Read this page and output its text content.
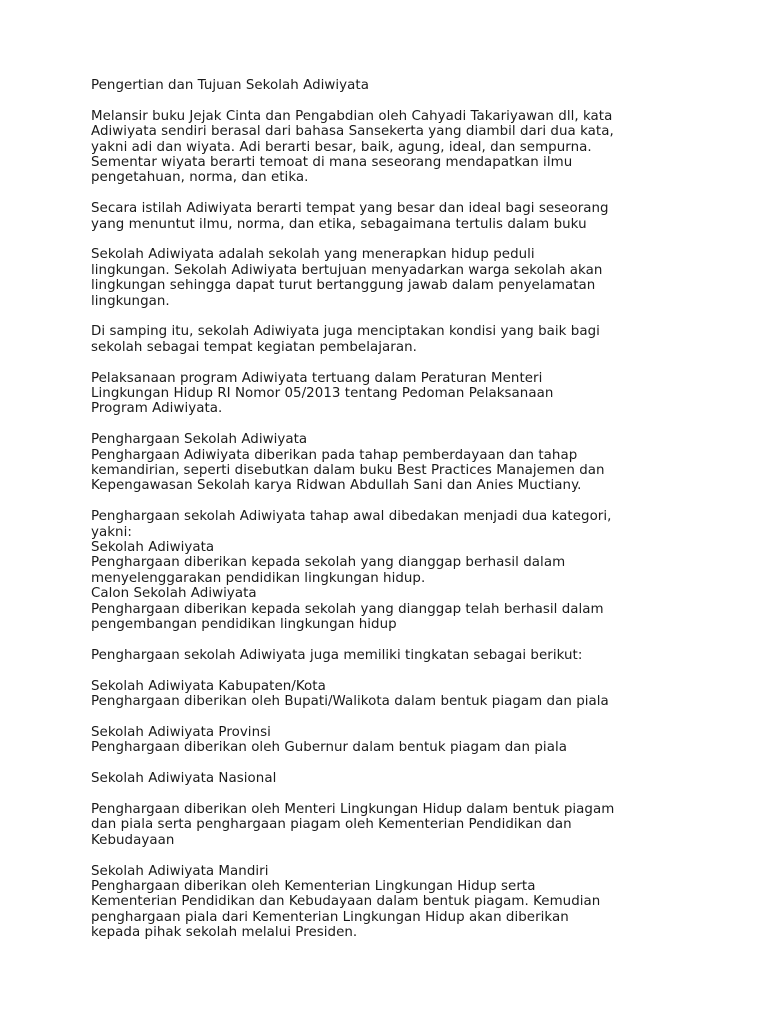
Pengertian dan Tujuan Sekolah Adiwiyata
Melansir buku Jejak Cinta dan Pengabdian oleh Cahyadi Takariyawan dll, kata
Adiwiyata sendiri berasal dari bahasa Sansekerta yang diambil dari dua kata,
yakni adi dan wiyata. Adi berarti besar, baik, agung, ideal, dan sempurna.
Sementar wiyata berarti temoat di mana seseorang mendapatkan ilmu
pengetahuan, norma, dan etika.
Secara istilah Adiwiyata berarti tempat yang besar dan ideal bagi seseorang
yang menuntut ilmu, norma, dan etika, sebagaimana tertulis dalam buku
Sekolah Adiwiyata adalah sekolah yang menerapkan hidup peduli
lingkungan. Sekolah Adiwiyata bertujuan menyadarkan warga sekolah akan
lingkungan sehingga dapat turut bertanggung jawab dalam penyelamatan
lingkungan.
Di samping itu, sekolah Adiwiyata juga menciptakan kondisi yang baik bagi
sekolah sebagai tempat kegiatan pembelajaran.
Pelaksanaan program Adiwiyata tertuang dalam Peraturan Menteri
Lingkungan Hidup RI Nomor 05/2013 tentang Pedoman Pelaksanaan
Program Adiwiyata.
Penghargaan Sekolah Adiwiyata
Penghargaan Adiwiyata diberikan pada tahap pemberdayaan dan tahap
kemandirian, seperti disebutkan dalam buku Best Practices Manajemen dan
Kepengawasan Sekolah karya Ridwan Abdullah Sani dan Anies Muctiany.
Penghargaan sekolah Adiwiyata tahap awal dibedakan menjadi dua kategori,
yakni:
Sekolah Adiwiyata
Penghargaan diberikan kepada sekolah yang dianggap berhasil dalam
menyelenggarakan pendidikan lingkungan hidup.
Calon Sekolah Adiwiyata
Penghargaan diberikan kepada sekolah yang dianggap telah berhasil dalam
pengembangan pendidikan lingkungan hidup
Penghargaan sekolah Adiwiyata juga memiliki tingkatan sebagai berikut:
Sekolah Adiwiyata Kabupaten/Kota
Penghargaan diberikan oleh Bupati/Walikota dalam bentuk piagam dan piala
Sekolah Adiwiyata Provinsi
Penghargaan diberikan oleh Gubernur dalam bentuk piagam dan piala
Sekolah Adiwiyata Nasional
Penghargaan diberikan oleh Menteri Lingkungan Hidup dalam bentuk piagam
dan piala serta penghargaan piagam oleh Kementerian Pendidikan dan
Kebudayaan
Sekolah Adiwiyata Mandiri
Penghargaan diberikan oleh Kementerian Lingkungan Hidup serta
Kementerian Pendidikan dan Kebudayaan dalam bentuk piagam. Kemudian
penghargaan piala dari Kementerian Lingkungan Hidup akan diberikan
kepada pihak sekolah melalui Presiden.
